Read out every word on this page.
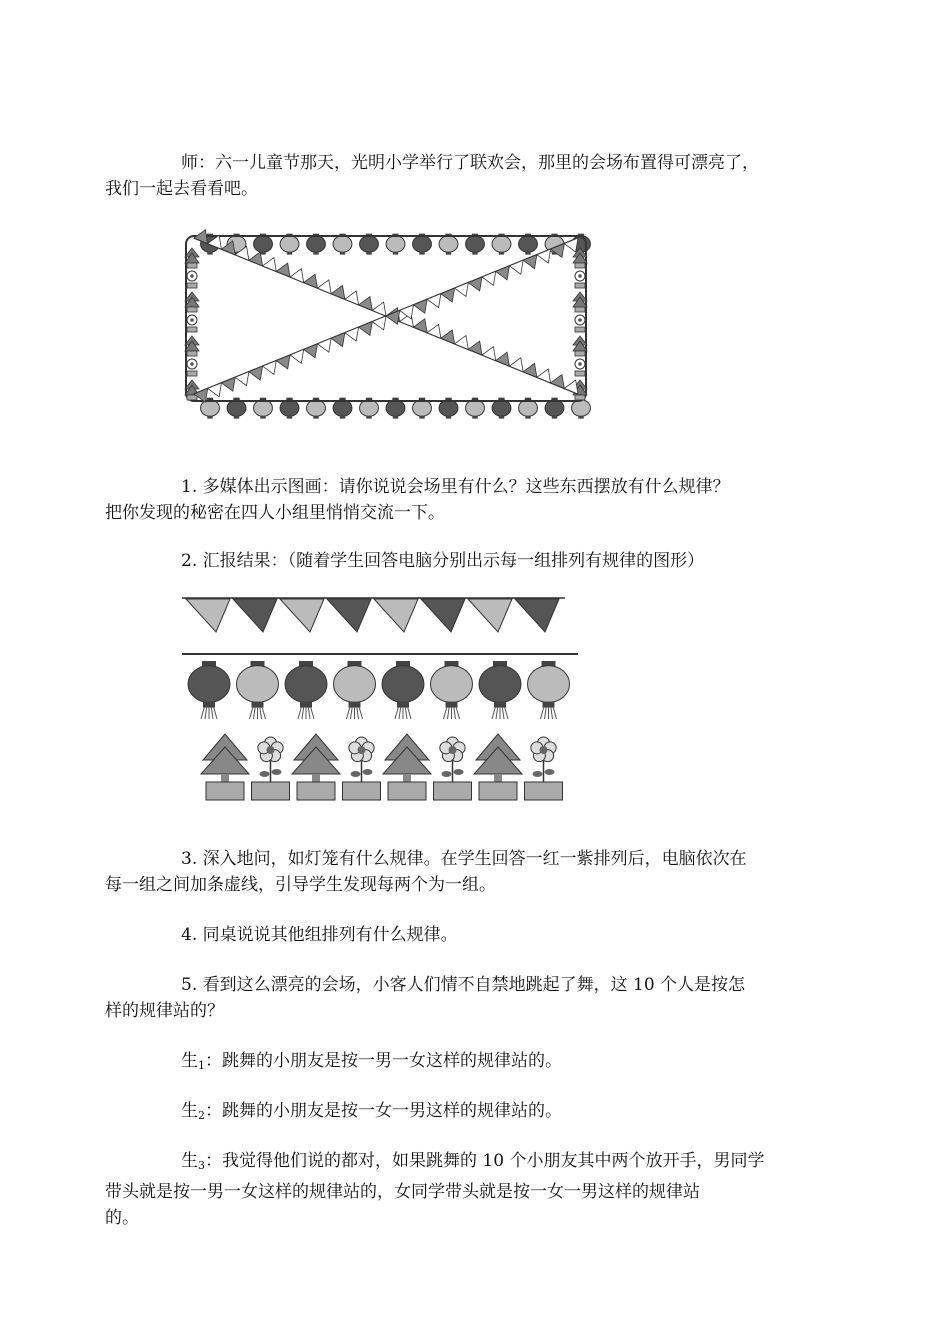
师：六一儿童节那天，光明小学举行了联欢会，那里的会场布置得可漂亮了，
我们一起去看看吧。

1. 多媒体出示图画：请你说说会场里有什么？这些东西摆放有什么规律？
把你发现的秘密在四人小组里悄悄交流一下。

2. 汇报结果：（随着学生回答电脑分别出示每一组排列有规律的图形）

3. 深入地问，如灯笼有什么规律。在学生回答一红一紫排列后，电脑依次在
每一组之间加条虚线，引导学生发现每两个为一组。

4. 同桌说说其他组排列有什么规律。

5. 看到这么漂亮的会场，小客人们情不自禁地跳起了舞，这 10 个人是按怎
样的规律站的？

生$_1$：跳舞的小朋友是按一男一女这样的规律站的。

生$_2$：跳舞的小朋友是按一女一男这样的规律站的。

生$_3$：我觉得他们说的都对，如果跳舞的 10 个小朋友其中两个放开手，男同学
带头就是按一男一女这样的规律站的，女同学带头就是按一女一男这样的规律站
的。
